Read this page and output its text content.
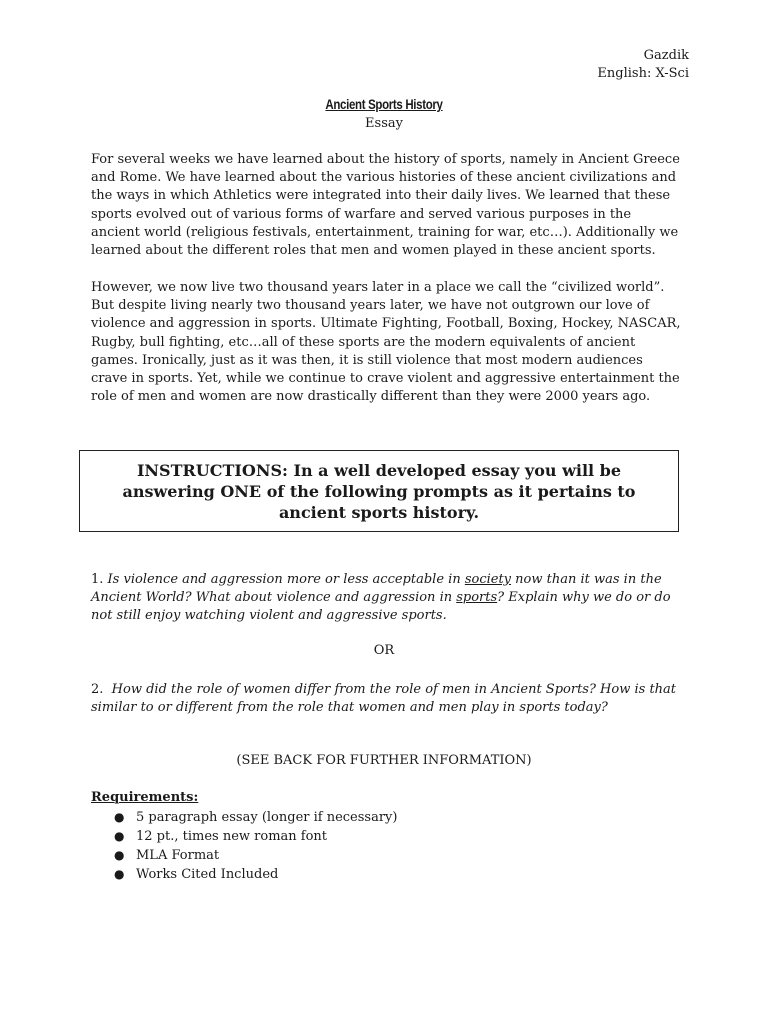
Gazdik
English: X-Sci
Ancient Sports History
Essay

For several weeks we have learned about the history of sports, namely in Ancient Greece and Rome. We have learned about the various histories of these ancient civilizations and the ways in which Athletics were integrated into their daily lives. We learned that these sports evolved out of various forms of warfare and served various purposes in the ancient world (religious festivals, entertainment, training for war, etc…). Additionally we learned about the different roles that men and women played in these ancient sports.

However, we now live two thousand years later in a place we call the “civilized world”. But despite living nearly two thousand years later, we have not outgrown our love of violence and aggression in sports. Ultimate Fighting, Football, Boxing, Hockey, NASCAR, Rugby, bull fighting, etc…all of these sports are the modern equivalents of ancient games. Ironically, just as it was then, it is still violence that most modern audiences crave in sports. Yet, while we continue to crave violent and aggressive entertainment the role of men and women are now drastically different than they were 2000 years ago.

INSTRUCTIONS: In a well developed essay you will be answering ONE of the following prompts as it pertains to ancient sports history.

1. Is violence and aggression more or less acceptable in society now than it was in the Ancient World? What about violence and aggression in sports? Explain why we do or do not still enjoy watching violent and aggressive sports.

OR

2. How did the role of women differ from the role of men in Ancient Sports? How is that similar to or different from the role that women and men play in sports today?

(SEE BACK FOR FURTHER INFORMATION)
Requirements:
● 5 paragraph essay (longer if necessary)
● 12 pt., times new roman font
● MLA Format
● Works Cited Included
